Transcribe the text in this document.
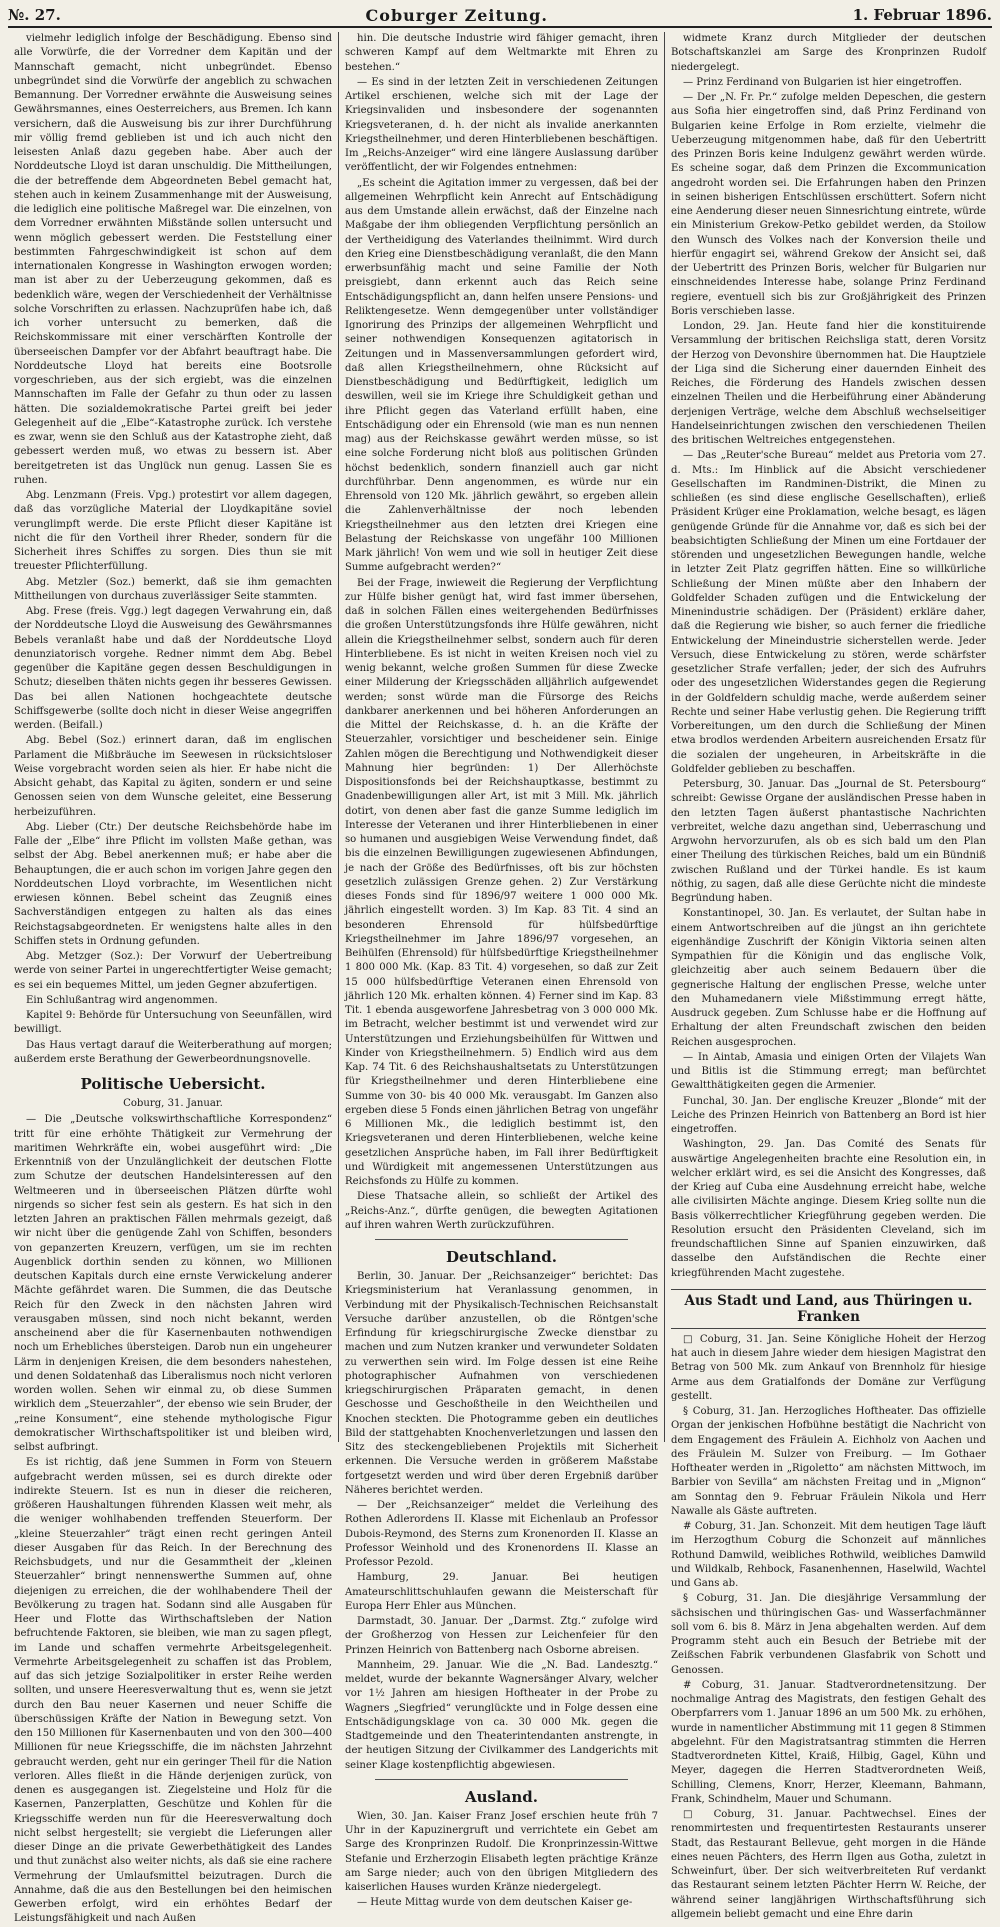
№. 27.	Coburger Zeitung.	1. Februar 1896.

vielmehr lediglich infolge der Beschädigung. Ebenso sind alle Vorwürfe, die der Vorredner dem Kapitän und der Mannschaft gemacht, nicht unbegründet. Ebenso unbegründet sind die Vorwürfe der angeblich zu schwachen Bemannung. Der Vorredner erwähnte die Ausweisung seines Gewährsmannes, eines Oesterreichers, aus Bremen. Ich kann versichern, daß die Ausweisung bis zur ihrer Durchführung mir völlig fremd geblieben ist und ich auch nicht den leisesten Anlaß dazu gegeben habe. Aber auch der Norddeutsche Lloyd ist daran unschuldig. Die Mittheilungen, die der betreffende dem Abgeordneten Bebel gemacht hat, stehen auch in keinem Zusammenhange mit der Ausweisung, die lediglich eine politische Maßregel war. Die einzelnen, von dem Vorredner erwähnten Mißstände sollen untersucht und wenn möglich gebessert werden. Die Feststellung einer bestimmten Fahrgeschwindigkeit ist schon auf dem internationalen Kongresse in Washington erwogen worden; man ist aber zu der Ueberzeugung gekommen, daß es bedenklich wäre, wegen der Verschiedenheit der Verhältnisse solche Vorschriften zu erlassen. Nachzuprüfen habe ich, daß ich vorher untersucht zu bemerken, daß die Reichskommissare mit einer verschärften Kontrolle der überseeischen Dampfer vor der Abfahrt beauftragt habe. Die Norddeutsche Lloyd hat bereits eine Bootsrolle vorgeschrieben, aus der sich ergiebt, was die einzelnen Mannschaften im Falle der Gefahr zu thun oder zu lassen hätten. Die sozialdemokratische Partei greift bei jeder Gelegenheit auf die „Elbe“-Katastrophe zurück. Ich verstehe es zwar, wenn sie den Schluß aus der Katastrophe zieht, daß gebessert werden muß, wo etwas zu bessern ist. Aber bereitgetreten ist das Unglück nun genug. Lassen Sie es ruhen.

Abg. Lenzmann (Freis. Vpg.) protestirt vor allem dagegen, daß das vorzügliche Material der Lloydkapitäne soviel verunglimpft werde. Die erste Pflicht dieser Kapitäne ist nicht die für den Vortheil ihrer Rheder, sondern für die Sicherheit ihres Schiffes zu sorgen. Dies thun sie mit treuester Pflichterfüllung.

Abg. Metzler (Soz.) bemerkt, daß sie ihm gemachten Mittheilungen von durchaus zuverlässiger Seite stammten.

Abg. Frese (freis. Vgg.) legt dagegen Verwahrung ein, daß der Norddeutsche Lloyd die Ausweisung des Gewährsmannes Bebels veranlaßt habe und daß der Norddeutsche Lloyd denunziatorisch vorgehe. Redner nimmt dem Abg. Bebel gegenüber die Kapitäne gegen dessen Beschuldigungen in Schutz; dieselben thäten nichts gegen ihr besseres Gewissen. Das bei allen Nationen hochgeachtete deutsche Schiffsgewerbe (sollte doch nicht in dieser Weise angegriffen werden. (Beifall.)

Abg. Bebel (Soz.) erinnert daran, daß im englischen Parlament die Mißbräuche im Seewesen in rücksichtsloser Weise vorgebracht worden seien als hier. Er habe nicht die Absicht gehabt, das Kapital zu ägiten, sondern er und seine Genossen seien von dem Wunsche geleitet, eine Besserung herbeizuführen.

Abg. Lieber (Ctr.) Der deutsche Reichsbehörde habe im Falle der „Elbe“ ihre Pflicht im vollsten Maße gethan, was selbst der Abg. Bebel anerkennen muß; er habe aber die Behauptungen, die er auch schon im vorigen Jahre gegen den Norddeutschen Lloyd vorbrachte, im Wesentlichen nicht erwiesen können. Bebel scheint das Zeugniß eines Sachverständigen entgegen zu halten als das eines Reichstagsabgeordneten. Er wenigstens halte alles in den Schiffen stets in Ordnung gefunden.

Abg. Metzger (Soz.): Der Vorwurf der Uebertreibung werde von seiner Partei in ungerechtfertigter Weise gemacht; es sei ein bequemes Mittel, um jeden Gegner abzufertigen.

Ein Schlußantrag wird angenommen.

Kapitel 9: Behörde für Untersuchung von Seeunfällen, wird bewilligt.

Das Haus vertagt darauf die Weiterberathung auf morgen; außerdem erste Berathung der Gewerbeordnungsnovelle.

Politische Uebersicht.
Coburg, 31. Januar.

— Die „Deutsche volkswirthschaftliche Korrespondenz“ tritt für eine erhöhte Thätigkeit zur Vermehrung der maritimen Wehrkräfte ein, wobei ausgeführt wird: „Die Erkenntniß von der Unzulänglichkeit der deutschen Flotte zum Schutze der deutschen Handelsinteressen auf den Weltmeeren und in überseeischen Plätzen dürfte wohl nirgends so sicher fest sein als gestern. Es hat sich in den letzten Jahren an praktischen Fällen mehrmals gezeigt, daß wir nicht über die genügende Zahl von Schiffen, besonders von gepanzerten Kreuzern, verfügen, um sie im rechten Augenblick dorthin senden zu können, wo Millionen deutschen Kapitals durch eine ernste Verwickelung anderer Mächte gefährdet waren. Die Summen, die das Deutsche Reich für den Zweck in den nächsten Jahren wird verausgaben müssen, sind noch nicht bekannt, werden anscheinend aber die für Kasernenbauten nothwendigen noch um Erhebliches übersteigen. Darob nun ein ungeheurer Lärm in denjenigen Kreisen, die dem besonders nahestehen, und denen Soldatenhaß das Liberalismus noch nicht verloren worden wollen. Sehen wir einmal zu, ob diese Summen wirklich dem „Steuerzahler“, der ebenso wie sein Bruder, der „reine Konsument“, eine stehende mythologische Figur demokratischer Wirthschaftspolitiker ist und bleiben wird, selbst aufbringt.

Es ist richtig, daß jene Summen in Form von Steuern aufgebracht werden müssen, sei es durch direkte oder indirekte Steuern. Ist es nun in dieser die reicheren, größeren Haushaltungen führenden Klassen weit mehr, als die weniger wohlhabenden treffenden Steuerform. Der „kleine Steuerzahler“ trägt einen recht geringen Anteil dieser Ausgaben für das Reich. In der Berechnung des Reichsbudgets, und nur die Gesammtheit der „kleinen Steuerzahler“ bringt nennenswerthe Summen auf, ohne diejenigen zu erreichen, die der wohlhabendere Theil der Bevölkerung zu tragen hat. Sodann sind alle Ausgaben für Heer und Flotte das Wirthschaftsleben der Nation befruchtende Faktoren, sie bleiben, wie man zu sagen pflegt, im Lande und schaffen vermehrte Arbeitsgelegenheit. Vermehrte Arbeitsgelegenheit zu schaffen ist das Problem, auf das sich jetzige Sozialpolitiker in erster Reihe werden sollten, und unsere Heeresverwaltung thut es, wenn sie jetzt durch den Bau neuer Kasernen und neuer Schiffe die überschüssigen Kräfte der Nation in Bewegung setzt. Von den 150 Millionen für Kasernenbauten und von den 300—400 Millionen für neue Kriegsschiffe, die im nächsten Jahrzehnt gebraucht werden, geht nur ein geringer Theil für die Nation verloren. Alles fließt in die Hände derjenigen zurück, von denen es ausgegangen ist. Ziegelsteine und Holz für die Kasernen, Panzerplatten, Geschütze und Kohlen für die Kriegsschiffe werden nun für die Heeresverwaltung doch nicht selbst hergestellt; sie vergiebt die Lieferungen aller dieser Dinge an die private Gewerbethätigkeit des Landes und thut zunächst also weiter nichts, als daß sie eine rachere Vermehrung der Umlaufsmittel beizutragen. Durch die Annahme, daß die aus den Bestellungen bei den heimischen Gewerben erfolgt, wird ein erhöhtes Bedarf der Leistungsfähigkeit und nach Außen

hin. Die deutsche Industrie wird fähiger gemacht, ihren schweren Kampf auf dem Weltmarkte mit Ehren zu bestehen.“

— Es sind in der letzten Zeit in verschiedenen Zeitungen Artikel erschienen, welche sich mit der Lage der Kriegsinvaliden und insbesondere der sogenannten Kriegsveteranen, d. h. der nicht als invalide anerkannten Kriegstheilnehmer, und deren Hinterbliebenen beschäftigen. Im „Reichs-Anzeiger“ wird eine längere Auslassung darüber veröffentlicht, der wir Folgendes entnehmen:

„Es scheint die Agitation immer zu vergessen, daß bei der allgemeinen Wehrpflicht kein Anrecht auf Entschädigung aus dem Umstande allein erwächst, daß der Einzelne nach Maßgabe der ihm obliegenden Verpflichtung persönlich an der Vertheidigung des Vaterlandes theilnimmt. Wird durch den Krieg eine Dienstbeschädigung veranlaßt, die den Mann erwerbsunfähig macht und seine Familie der Noth preisgiebt, dann erkennt auch das Reich seine Entschädigungspflicht an, dann helfen unsere Pensions- und Reliktengesetze. Wenn demgegenüber unter vollständiger Ignorirung des Prinzips der allgemeinen Wehrpflicht und seiner nothwendigen Konsequenzen agitatorisch in Zeitungen und in Massenversammlungen gefordert wird, daß allen Kriegstheilnehmern, ohne Rücksicht auf Dienstbeschädigung und Bedürftigkeit, lediglich um deswillen, weil sie im Kriege ihre Schuldigkeit gethan und ihre Pflicht gegen das Vaterland erfüllt haben, eine Entschädigung oder ein Ehrensold (wie man es nun nennen mag) aus der Reichskasse gewährt werden müsse, so ist eine solche Forderung nicht bloß aus politischen Gründen höchst bedenklich, sondern finanziell auch gar nicht durchführbar. Denn angenommen, es würde nur ein Ehrensold von 120 Mk. jährlich gewährt, so ergeben allein die Zahlenverhältnisse der noch lebenden Kriegstheilnehmer aus den letzten drei Kriegen eine Belastung der Reichskasse von ungefähr 100 Millionen Mark jährlich! Von wem und wie soll in heutiger Zeit diese Summe aufgebracht werden?“

Bei der Frage, inwieweit die Regierung der Verpflichtung zur Hülfe bisher genügt hat, wird fast immer übersehen, daß in solchen Fällen eines weitergehenden Bedürfnisses die großen Unterstützungsfonds ihre Hülfe gewähren, nicht allein die Kriegstheilnehmer selbst, sondern auch für deren Hinterbliebene. Es ist nicht in weiten Kreisen noch viel zu wenig bekannt, welche großen Summen für diese Zwecke einer Milderung der Kriegsschäden alljährlich aufgewendet werden; sonst würde man die Fürsorge des Reichs dankbarer anerkennen und bei höheren Anforderungen an die Mittel der Reichskasse, d. h. an die Kräfte der Steuerzahler, vorsichtiger und bescheidener sein. Einige Zahlen mögen die Berechtigung und Nothwendigkeit dieser Mahnung hier begründen: 1) Der Allerhöchste Dispositionsfonds bei der Reichshauptkasse, bestimmt zu Gnadenbewilligungen aller Art, ist mit 3 Mill. Mk. jährlich dotirt, von denen aber fast die ganze Summe lediglich im Interesse der Veteranen und ihrer Hinterbliebenen in einer so humanen und ausgiebigen Weise Verwendung findet, daß bis die einzelnen Bewilligungen zugewiesenen Abfindungen, je nach der Größe des Bedürfnisses, oft bis zur höchsten gesetzlich zulässigen Grenze gehen. 2) Zur Verstärkung dieses Fonds sind für 1896/97 weitere 1 000 000 Mk. jährlich eingestellt worden. 3) Im Kap. 83 Tit. 4 sind an besonderen Ehrensold für hülfsbedürftige Kriegstheilnehmer im Jahre 1896/97 vorgesehen, an Beihülfen (Ehrensold) für hülfsbedürftige Kriegstheilnehmer 1 800 000 Mk. (Kap. 83 Tit. 4) vorgesehen, so daß zur Zeit 15 000 hülfsbedürftige Veteranen einen Ehrensold von jährlich 120 Mk. erhalten können. 4) Ferner sind im Kap. 83 Tit. 1 ebenda ausgeworfene Jahresbetrag von 3 000 000 Mk. im Betracht, welcher bestimmt ist und verwendet wird zur Unterstützungen und Erziehungsbeihülfen für Wittwen und Kinder von Kriegstheilnehmern. 5) Endlich wird aus dem Kap. 74 Tit. 6 des Reichshaushaltsetats zu Unterstützungen für Kriegstheilnehmer und deren Hinterbliebene eine Summe von 30- bis 40 000 Mk. verausgabt. Im Ganzen also ergeben diese 5 Fonds einen jährlichen Betrag von ungefähr 6 Millionen Mk., die lediglich bestimmt ist, den Kriegsveteranen und deren Hinterbliebenen, welche keine gesetzlichen Ansprüche haben, im Fall ihrer Bedürftigkeit und Würdigkeit mit angemessenen Unterstützungen aus Reichsfonds zu Hülfe zu kommen.

Diese Thatsache allein, so schließt der Artikel des „Reichs-Anz.“, dürfte genügen, die bewegten Agitationen auf ihren wahren Werth zurückzuführen.

Deutschland.

Berlin, 30. Januar. Der „Reichsanzeiger“ berichtet: Das Kriegsministerium hat Veranlassung genommen, in Verbindung mit der Physikalisch-Technischen Reichsanstalt Versuche darüber anzustellen, ob die Röntgen'sche Erfindung für kriegschirurgische Zwecke dienstbar zu machen und zum Nutzen kranker und verwundeter Soldaten zu verwerthen sein wird. Im Folge dessen ist eine Reihe photographischer Aufnahmen von verschiedenen kriegschirurgischen Präparaten gemacht, in denen Geschosse und Geschoßtheile in den Weichtheilen und Knochen steckten. Die Photogramme geben ein deutliches Bild der stattgehabten Knochenverletzungen und lassen den Sitz des steckengebliebenen Projektils mit Sicherheit erkennen. Die Versuche werden in größerem Maßstabe fortgesetzt werden und wird über deren Ergebniß darüber Näheres berichtet werden.

— Der „Reichsanzeiger“ meldet die Verleihung des Rothen Adlerordens II. Klasse mit Eichenlaub an Professor Dubois-Reymond, des Sterns zum Kronenorden II. Klasse an Professor Weinhold und des Kronenordens II. Klasse an Professor Pezold.

Hamburg, 29. Januar. Bei heutigen Amateurschlittschuhlaufen gewann die Meisterschaft für Europa Herr Ehler aus München.

Darmstadt, 30. Januar. Der „Darmst. Ztg.“ zufolge wird der Großherzog von Hessen zur Leichenfeier für den Prinzen Heinrich von Battenberg nach Osborne abreisen.

Mannheim, 29. Januar. Wie die „N. Bad. Landesztg.“ meldet, wurde der bekannte Wagnersänger Alvary, welcher vor 1½ Jahren am hiesigen Hoftheater in der Probe zu Wagners „Siegfried“ verunglückte und in Folge dessen eine Entschädigungsklage von ca. 30 000 Mk. gegen die Stadtgemeinde und den Theaterintendanten anstrengte, in der heutigen Sitzung der Civilkammer des Landgerichts mit seiner Klage kostenpflichtig abgewiesen.

Ausland.

Wien, 30. Jan. Kaiser Franz Josef erschien heute früh 7 Uhr in der Kapuzinergruft und verrichtete ein Gebet am Sarge des Kronprinzen Rudolf. Die Kronprinzessin-Wittwe Stefanie und Erzherzogin Elisabeth legten prächtige Kränze am Sarge nieder; auch von den übrigen Mitgliedern des kaiserlichen Hauses wurden Kränze niedergelegt.

— Heute Mittag wurde von dem deutschen Kaiser ge-

widmete Kranz durch Mitglieder der deutschen Botschaftskanzlei am Sarge des Kronprinzen Rudolf niedergelegt.

— Prinz Ferdinand von Bulgarien ist hier eingetroffen.

— Der „N. Fr. Pr.“ zufolge melden Depeschen, die gestern aus Sofia hier eingetroffen sind, daß Prinz Ferdinand von Bulgarien keine Erfolge in Rom erzielte, vielmehr die Ueberzeugung mitgenommen habe, daß für den Uebertritt des Prinzen Boris keine Indulgenz gewährt werden würde. Es scheine sogar, daß dem Prinzen die Excommunication angedroht worden sei. Die Erfahrungen haben den Prinzen in seinen bisherigen Entschlüssen erschüttert. Sofern nicht eine Aenderung dieser neuen Sinnesrichtung eintrete, würde ein Ministerium Grekow-Petko gebildet werden, da Stoilow den Wunsch des Volkes nach der Konversion theile und hierfür engagirt sei, während Grekow der Ansicht sei, daß der Uebertritt des Prinzen Boris, welcher für Bulgarien nur einschneidendes Interesse habe, solange Prinz Ferdinand regiere, eventuell sich bis zur Großjährigkeit des Prinzen Boris verschieben lasse.

London, 29. Jan. Heute fand hier die konstituirende Versammlung der britischen Reichsliga statt, deren Vorsitz der Herzog von Devonshire übernommen hat. Die Hauptziele der Liga sind die Sicherung einer dauernden Einheit des Reiches, die Förderung des Handels zwischen dessen einzelnen Theilen und die Herbeiführung einer Abänderung derjenigen Verträge, welche dem Abschluß wechselseitiger Handelseinrichtungen zwischen den verschiedenen Theilen des britischen Weltreiches entgegenstehen.

— Das „Reuter'sche Bureau“ meldet aus Pretoria vom 27. d. Mts.: Im Hinblick auf die Absicht verschiedener Gesellschaften im Randminen-Distrikt, die Minen zu schließen (es sind diese englische Gesellschaften), erließ Präsident Krüger eine Proklamation, welche besagt, es lägen genügende Gründe für die Annahme vor, daß es sich bei der beabsichtigten Schließung der Minen um eine Fortdauer der störenden und ungesetzlichen Bewegungen handle, welche in letzter Zeit Platz gegriffen hätten. Eine so willkürliche Schließung der Minen müßte aber den Inhabern der Goldfelder Schaden zufügen und die Entwickelung der Minenindustrie schädigen. Der (Präsident) erkläre daher, daß die Regierung wie bisher, so auch ferner die friedliche Entwickelung der Mineindustrie sicherstellen werde. Jeder Versuch, diese Entwickelung zu stören, werde schärfster gesetzlicher Strafe verfallen; jeder, der sich des Aufruhrs oder des ungesetzlichen Widerstandes gegen die Regierung in der Goldfeldern schuldig mache, werde außerdem seiner Rechte und seiner Habe verlustig gehen. Die Regierung trifft Vorbereitungen, um den durch die Schließung der Minen etwa brodlos werdenden Arbeitern ausreichenden Ersatz für die sozialen der ungeheuren, in Arbeitskräfte in die Goldfelder geblieben zu beschaffen.

Petersburg, 30. Januar. Das „Journal de St. Petersbourg“ schreibt: Gewisse Organe der ausländischen Presse haben in den letzten Tagen äußerst phantastische Nachrichten verbreitet, welche dazu angethan sind, Ueberraschung und Argwohn hervorzurufen, als ob es sich bald um den Plan einer Theilung des türkischen Reiches, bald um ein Bündniß zwischen Rußland und der Türkei handle. Es ist kaum nöthig, zu sagen, daß alle diese Gerüchte nicht die mindeste Begründung haben.

Konstantinopel, 30. Jan. Es verlautet, der Sultan habe in einem Antwortschreiben auf die jüngst an ihn gerichtete eigenhändige Zuschrift der Königin Viktoria seinen alten Sympathien für die Königin und das englische Volk, gleichzeitig aber auch seinem Bedauern über die gegnerische Haltung der englischen Presse, welche unter den Muhamedanern viele Mißstimmung erregt hätte, Ausdruck gegeben. Zum Schlusse habe er die Hoffnung auf Erhaltung der alten Freundschaft zwischen den beiden Reichen ausgesprochen.

— In Aintab, Amasia und einigen Orten der Vilajets Wan und Bitlis ist die Stimmung erregt; man befürchtet Gewaltthätigkeiten gegen die Armenier.

Funchal, 30. Jan. Der englische Kreuzer „Blonde“ mit der Leiche des Prinzen Heinrich von Battenberg an Bord ist hier eingetroffen.

Washington, 29. Jan. Das Comité des Senats für auswärtige Angelegenheiten brachte eine Resolution ein, in welcher erklärt wird, es sei die Ansicht des Kongresses, daß der Krieg auf Cuba eine Ausdehnung erreicht habe, welche alle civilisirten Mächte anginge. Diesem Krieg sollte nun die Basis völkerrechtlicher Kriegführung gegeben werden. Die Resolution ersucht den Präsidenten Cleveland, sich im freundschaftlichen Sinne auf Spanien einzuwirken, daß dasselbe den Aufständischen die Rechte einer kriegführenden Macht zugestehe.

Aus Stadt und Land, aus Thüringen u. Franken

□ Coburg, 31. Jan. Seine Königliche Hoheit der Herzog hat auch in diesem Jahre wieder dem hiesigen Magistrat den Betrag von 500 Mk. zum Ankauf von Brennholz für hiesige Arme aus dem Gratialfonds der Domäne zur Verfügung gestellt.

§ Coburg, 31. Jan. Herzogliches Hoftheater. Das offizielle Organ der jenkischen Hofbühne bestätigt die Nachricht von dem Engagement des Fräulein A. Eichholz von Aachen und des Fräulein M. Sulzer von Freiburg. — Im Gothaer Hoftheater werden in „Rigoletto“ am nächsten Mittwoch, im Barbier von Sevilla“ am nächsten Freitag und in „Mignon“ am Sonntag den 9. Februar Fräulein Nikola und Herr Nawalle als Gäste auftreten.

# Coburg, 31. Jan. Schonzeit. Mit dem heutigen Tage läuft im Herzogthum Coburg die Schonzeit auf männliches Rothund Damwild, weibliches Rothwild, weibliches Damwild und Wildkalb, Rehbock, Fasanenhennen, Haselwild, Wachtel und Gans ab.

§ Coburg, 31. Jan. Die diesjährige Versammlung der sächsischen und thüringischen Gas- und Wasserfachmänner soll vom 6. bis 8. März in Jena abgehalten werden. Auf dem Programm steht auch ein Besuch der Betriebe mit der Zeißschen Fabrik verbundenen Glasfabrik von Schott und Genossen.

# Coburg, 31. Januar. Stadtverordnetensitzung. Der nochmalige Antrag des Magistrats, den festigen Gehalt des Oberpfarrers vom 1. Januar 1896 an um 500 Mk. zu erhöhen, wurde in namentlicher Abstimmung mit 11 gegen 8 Stimmen abgelehnt. Für den Magistratsantrag stimmten die Herren Stadtverordneten Kittel, Kraiß, Hilbig, Gagel, Kühn und Meyer, dagegen die Herren Stadtverordneten Weiß, Schilling, Clemens, Knorr, Herzer, Kleemann, Bahmann, Frank, Schindhelm, Mauer und Schumann.

□ Coburg, 31. Januar. Pachtwechsel. Eines der renommirtesten und frequentirtesten Restaurants unserer Stadt, das Restaurant Bellevue, geht morgen in die Hände eines neuen Pächters, des Herrn Ilgen aus Gotha, zuletzt in Schweinfurt, über. Der sich weitverbreiteten Ruf verdankt das Restaurant seinem letzten Pächter Herrn W. Reiche, der während seiner langjährigen Wirthschaftsführung sich allgemein beliebt gemacht und eine Ehre darin
